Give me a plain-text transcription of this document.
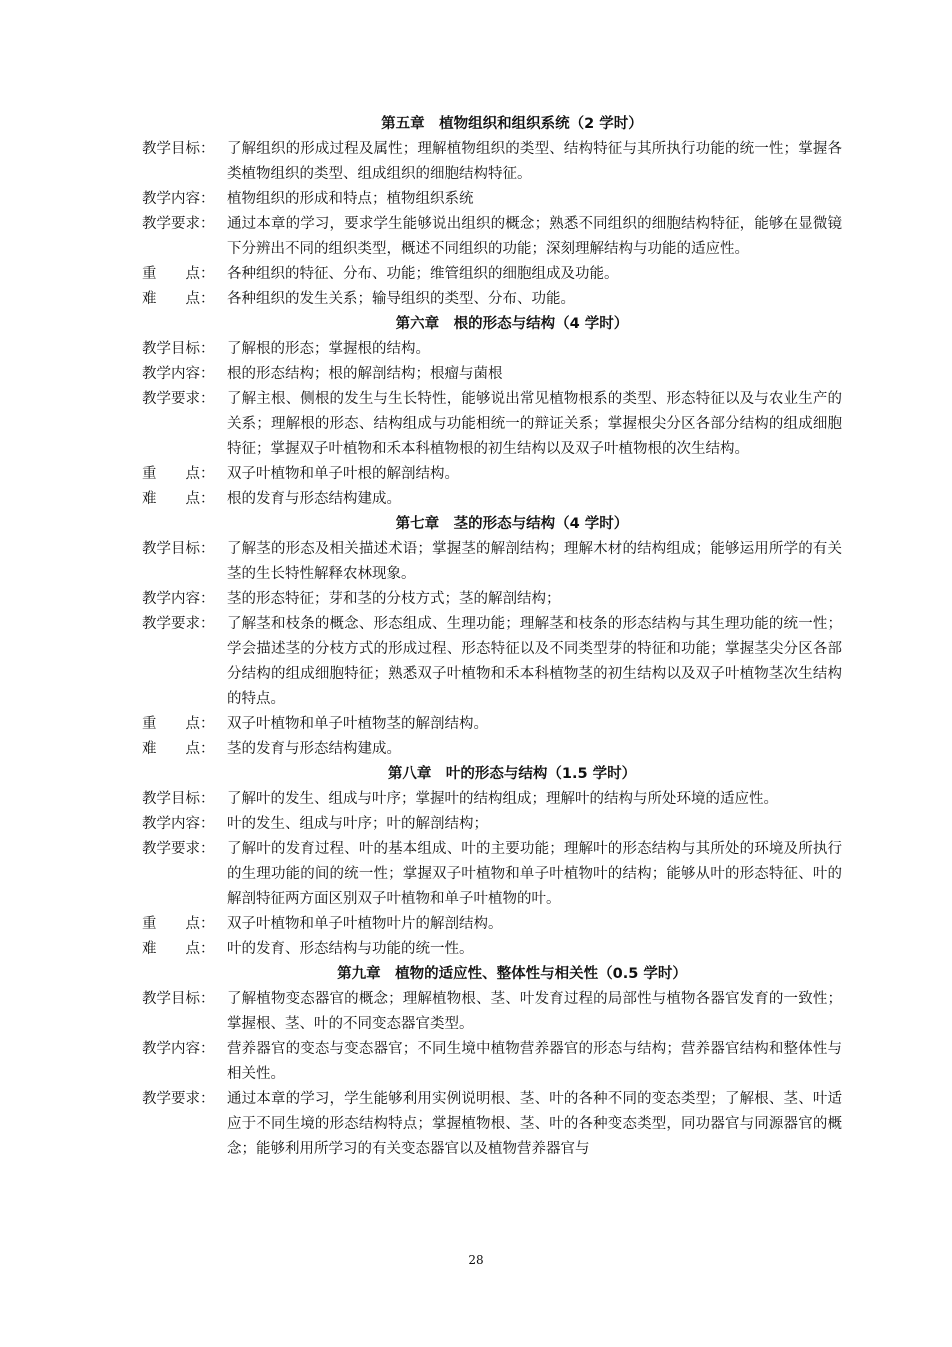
第五章　植物组织和组织系统（2 学时）
教学目标： 了解组织的形成过程及属性；理解植物组织的类型、结构特征与其所执行功能的统一性；掌握各类植物组织的类型、组成组织的细胞结构特征。
教学内容： 植物组织的形成和特点；植物组织系统
教学要求： 通过本章的学习，要求学生能够说出组织的概念；熟悉不同组织的细胞结构特征，能够在显微镜下分辨出不同的组织类型，概述不同组织的功能；深刻理解结构与功能的适应性。
重　　点： 各种组织的特征、分布、功能；维管组织的细胞组成及功能。
难　　点： 各种组织的发生关系；输导组织的类型、分布、功能。
第六章　根的形态与结构（4 学时）
教学目标： 了解根的形态；掌握根的结构。
教学内容： 根的形态结构；根的解剖结构；根瘤与菌根
教学要求： 了解主根、侧根的发生与生长特性，能够说出常见植物根系的类型、形态特征以及与农业生产的关系；理解根的形态、结构组成与功能相统一的辩证关系；掌握根尖分区各部分结构的组成细胞特征；掌握双子叶植物和禾本科植物根的初生结构以及双子叶植物根的次生结构。
重　　点： 双子叶植物和单子叶根的解剖结构。
难　　点： 根的发育与形态结构建成。
第七章　茎的形态与结构（4 学时）
教学目标： 了解茎的形态及相关描述术语；掌握茎的解剖结构；理解木材的结构组成；能够运用所学的有关茎的生长特性解释农林现象。
教学内容： 茎的形态特征；芽和茎的分枝方式；茎的解剖结构；
教学要求： 了解茎和枝条的概念、形态组成、生理功能；理解茎和枝条的形态结构与其生理功能的统一性；学会描述茎的分枝方式的形成过程、形态特征以及不同类型芽的特征和功能；掌握茎尖分区各部分结构的组成细胞特征；熟悉双子叶植物和禾本科植物茎的初生结构以及双子叶植物茎次生结构的特点。
重　　点： 双子叶植物和单子叶植物茎的解剖结构。
难　　点： 茎的发育与形态结构建成。
第八章　叶的形态与结构（1.5 学时）
教学目标： 了解叶的发生、组成与叶序；掌握叶的结构组成；理解叶的结构与所处环境的适应性。
教学内容： 叶的发生、组成与叶序；叶的解剖结构；
教学要求： 了解叶的发育过程、叶的基本组成、叶的主要功能；理解叶的形态结构与其所处的环境及所执行的生理功能的间的统一性；掌握双子叶植物和单子叶植物叶的结构；能够从叶的形态特征、叶的解剖特征两方面区别双子叶植物和单子叶植物的叶。
重　　点： 双子叶植物和单子叶植物叶片的解剖结构。
难　　点： 叶的发育、形态结构与功能的统一性。
第九章　植物的适应性、整体性与相关性（0.5 学时）
教学目标： 了解植物变态器官的概念；理解植物根、茎、叶发育过程的局部性与植物各器官发育的一致性；掌握根、茎、叶的不同变态器官类型。
教学内容： 营养器官的变态与变态器官；不同生境中植物营养器官的形态与结构；营养器官结构和整体性与相关性。
教学要求： 通过本章的学习，学生能够利用实例说明根、茎、叶的各种不同的变态类型；了解根、茎、叶适应于不同生境的形态结构特点；掌握植物根、茎、叶的各种变态类型，同功器官与同源器官的概念；能够利用所学习的有关变态器官以及植物营养器官与
28
